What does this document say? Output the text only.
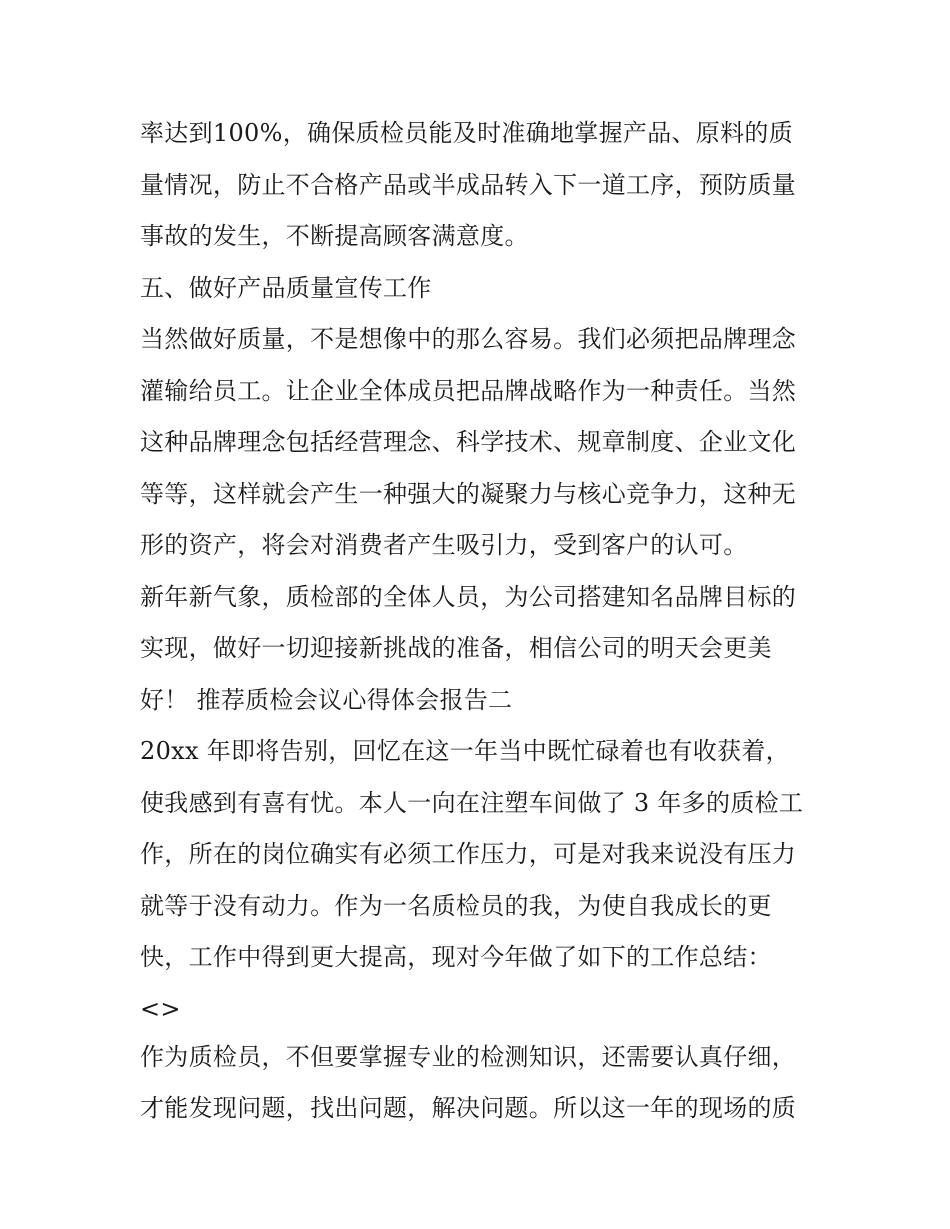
率达到100%，确保质检员能及时准确地掌握产品、原料的质
量情况，防止不合格产品或半成品转入下一道工序，预防质量
事故的发生，不断提高顾客满意度。
五、做好产品质量宣传工作
当然做好质量，不是想像中的那么容易。我们必须把品牌理念
灌输给员工。让企业全体成员把品牌战略作为一种责任。当然
这种品牌理念包括经营理念、科学技术、规章制度、企业文化
等等，这样就会产生一种强大的凝聚力与核心竞争力，这种无
形的资产，将会对消费者产生吸引力，受到客户的认可。
新年新气象，质检部的全体人员，为公司搭建知名品牌目标的
实现，做好一切迎接新挑战的准备，相信公司的明天会更美
好！ 推荐质检会议心得体会报告二
20xx 年即将告别，回忆在这一年当中既忙碌着也有收获着，
使我感到有喜有忧。本人一向在注塑车间做了 3 年多的质检工
作，所在的岗位确实有必须工作压力，可是对我来说没有压力
就等于没有动力。作为一名质检员的我，为使自我成长的更
快，工作中得到更大提高，现对今年做了如下的工作总结：
<>
作为质检员，不但要掌握专业的检测知识，还需要认真仔细，
才能发现问题，找出问题，解决问题。所以这一年的现场的质
